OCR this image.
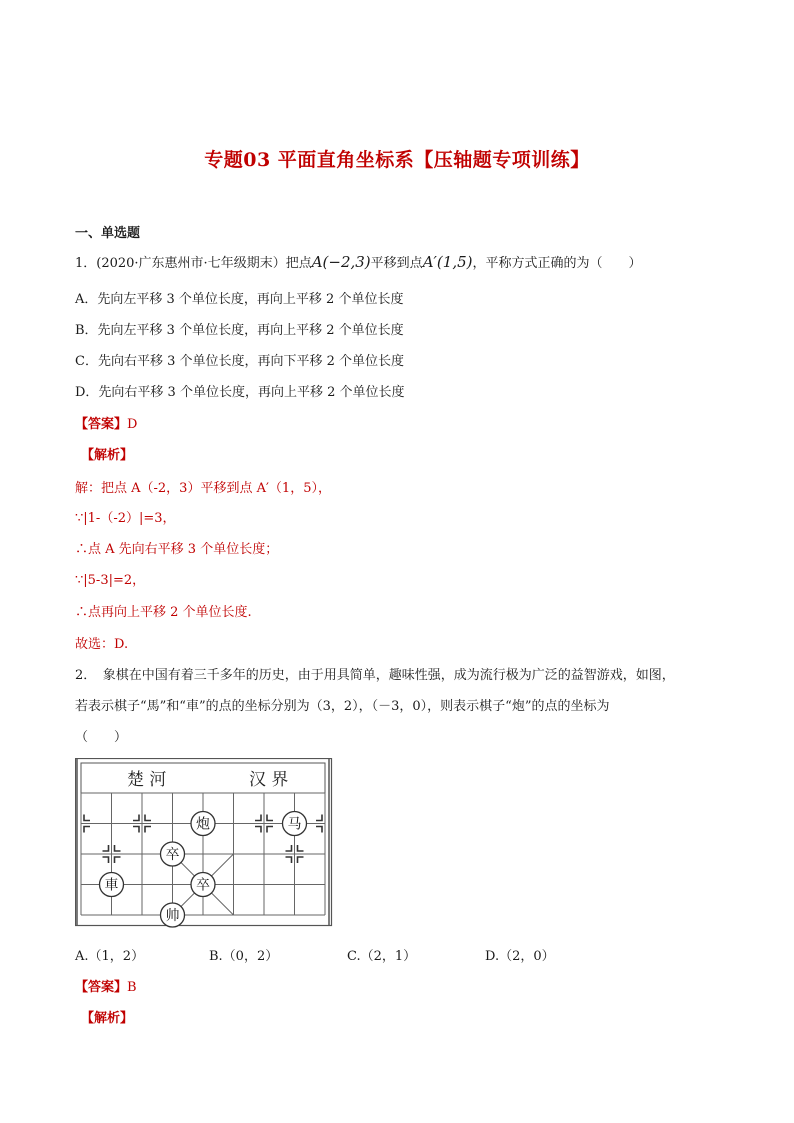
专题03 平面直角坐标系【压轴题专项训练】
一、单选题
1．(2020·广东惠州市·七年级期末）把点A(−2,3)平移到点A′(1,5)，平称方式正确的为（　　）
A．先向左平移 3 个单位长度，再向上平移 2 个单位长度
B．先向左平移 3 个单位长度，再向上平移 2 个单位长度
C．先向右平移 3 个单位长度，再向下平移 2 个单位长度
D．先向右平移 3 个单位长度，再向上平移 2 个单位长度
【答案】D
【解析】
解：把点 A（-2，3）平移到点 A′（1，5），
∵|1-（-2）|=3，
∴点 A 先向右平移 3 个单位长度；
∵|5-3|=2，
∴点再向上平移 2 个单位长度.
故选：D.
2．　象棋在中国有着三千多年的历史，由于用具简单，趣味性强，成为流行极为广泛的益智游戏，如图，
若表示棋子“馬”和“車”的点的坐标分别为（3，2），（－3，0），则表示棋子“炮”的点的坐标为
（　　）
楚 河	汉 界
炮	马
卒
車	卒
帅
A.（1，2）	B.（0，2）	C.（2，1）	D.（2，0）
【答案】B
【解析】
